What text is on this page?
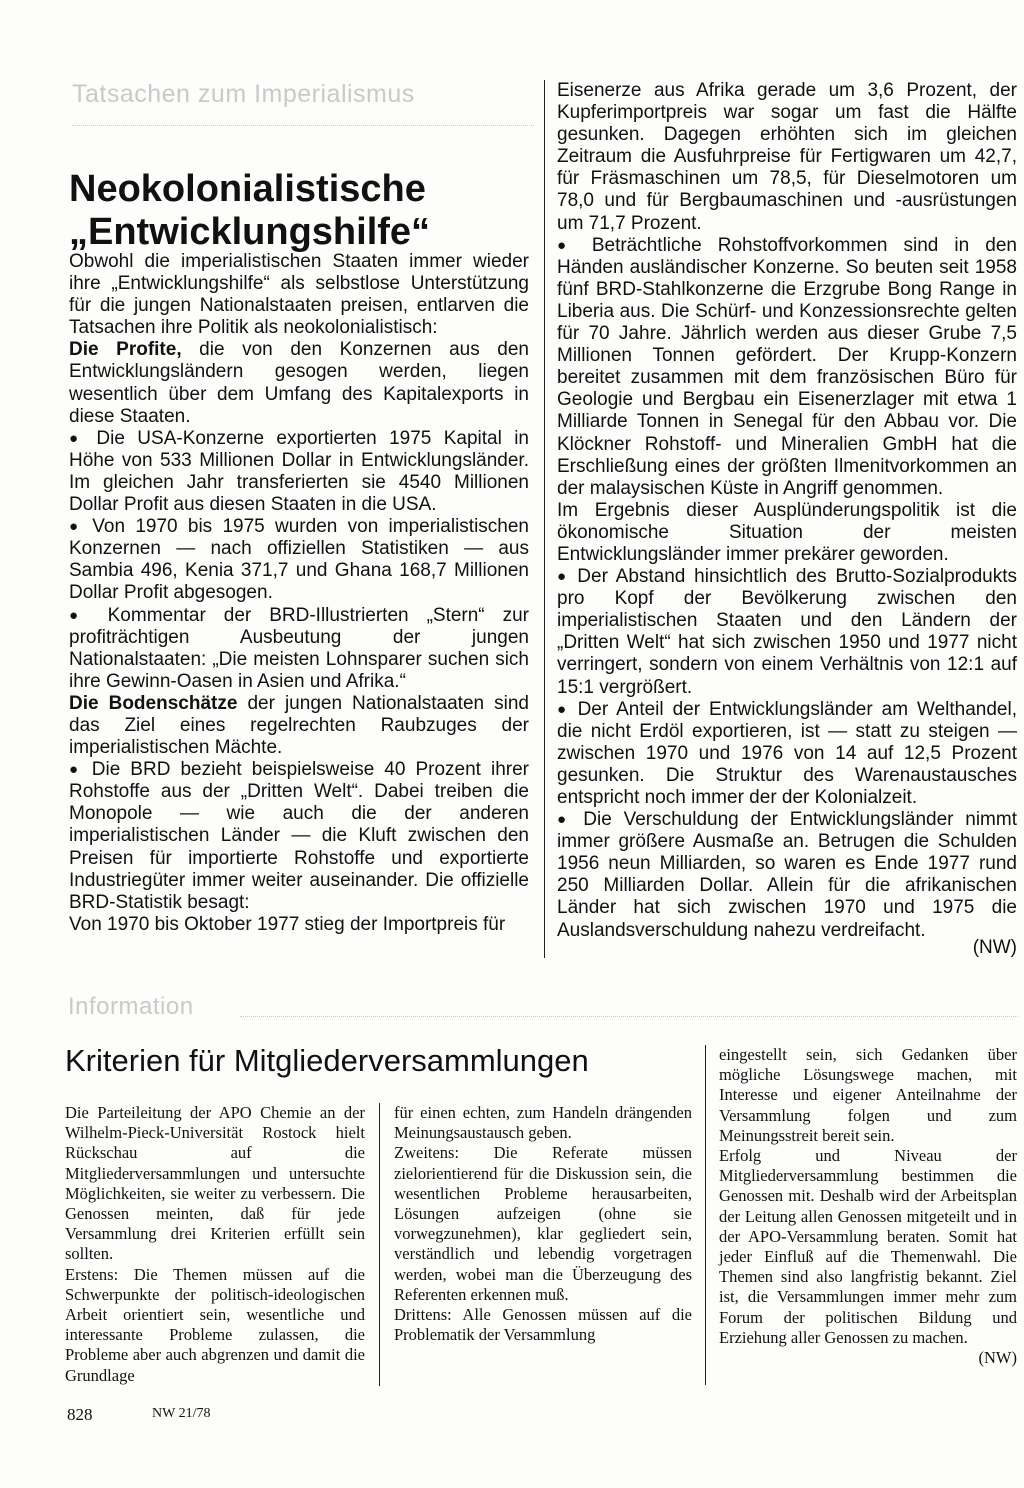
Tatsachen zum Imperialismus
Neokolonialistische
„Entwicklungshilfe“

Obwohl die imperialistischen Staaten immer wieder ihre „Entwicklungshilfe“ als selbstlose Unterstützung für die jungen Nationalstaaten preisen, entlarven die Tatsachen ihre Politik als neokolonialistisch:

Die Profite, die von den Konzernen aus den Entwicklungsländern gesogen werden, liegen wesentlich über dem Umfang des Kapitalexports in diese Staaten.

● Die USA-Konzerne exportierten 1975 Kapital in Höhe von 533 Millionen Dollar in Entwicklungsländer. Im gleichen Jahr transferierten sie 4540 Millionen Dollar Profit aus diesen Staaten in die USA.

● Von 1970 bis 1975 wurden von imperialistischen Konzernen — nach offiziellen Statistiken — aus Sambia 496, Kenia 371,7 und Ghana 168,7 Millionen Dollar Profit abgesogen.

● Kommentar der BRD-Illustrierten „Stern“ zur profiträchtigen Ausbeutung der jungen Nationalstaaten: „Die meisten Lohnsparer suchen sich ihre Gewinn-Oasen in Asien und Afrika.“

Die Bodenschätze der jungen Nationalstaaten sind das Ziel eines regelrechten Raubzuges der imperialistischen Mächte.

● Die BRD bezieht beispielsweise 40 Prozent ihrer Rohstoffe aus der „Dritten Welt“. Dabei treiben die Monopole — wie auch die der anderen imperialistischen Länder — die Kluft zwischen den Preisen für importierte Rohstoffe und exportierte Industriegüter immer weiter auseinander. Die offizielle BRD-Statistik besagt:

Von 1970 bis Oktober 1977 stieg der Importpreis für

Eisenerze aus Afrika gerade um 3,6 Prozent, der Kupferimportpreis war sogar um fast die Hälfte gesunken. Dagegen erhöhten sich im gleichen Zeitraum die Ausfuhrpreise für Fertigwaren um 42,7, für Fräsmaschinen um 78,5, für Dieselmotoren um 78,0 und für Bergbaumaschinen und -ausrüstungen um 71,7 Prozent.

● Beträchtliche Rohstoffvorkommen sind in den Händen ausländischer Konzerne. So beuten seit 1958 fünf BRD-Stahlkonzerne die Erzgrube Bong Range in Liberia aus. Die Schürf- und Konzessionsrechte gelten für 70 Jahre. Jährlich werden aus dieser Grube 7,5 Millionen Tonnen gefördert. Der Krupp-Konzern bereitet zusammen mit dem französischen Büro für Geologie und Bergbau ein Eisenerzlager mit etwa 1 Milliarde Tonnen in Senegal für den Abbau vor. Die Klöckner Rohstoff- und Mineralien GmbH hat die Erschließung eines der größten Ilmenitvorkommen an der malaysischen Küste in Angriff genommen.

Im Ergebnis dieser Ausplünderungspolitik ist die ökonomische Situation der meisten Entwicklungsländer immer prekärer geworden.

● Der Abstand hinsichtlich des Brutto-Sozialprodukts pro Kopf der Bevölkerung zwischen den imperialistischen Staaten und den Ländern der „Dritten Welt“ hat sich zwischen 1950 und 1977 nicht verringert, sondern von einem Verhältnis von 12:1 auf 15:1 vergrößert.

● Der Anteil der Entwicklungsländer am Welthandel, die nicht Erdöl exportieren, ist — statt zu steigen — zwischen 1970 und 1976 von 14 auf 12,5 Prozent gesunken. Die Struktur des Warenaustausches entspricht noch immer der der Kolonialzeit.

● Die Verschuldung der Entwicklungsländer nimmt immer größere Ausmaße an. Betrugen die Schulden 1956 neun Milliarden, so waren es Ende 1977 rund 250 Milliarden Dollar. Allein für die afrikanischen Länder hat sich zwischen 1970 und 1975 die Auslandsverschuldung nahezu verdreifacht.

(NW)
Information
Kriterien für Mitgliederversammlungen

Die Parteileitung der APO Chemie an der Wilhelm-Pieck-Universität Rostock hielt Rückschau auf die Mitgliederversammlungen und untersuchte Möglichkeiten, sie weiter zu verbessern. Die Genossen meinten, daß für jede Versammlung drei Kriterien erfüllt sein sollten.

Erstens: Die Themen müssen auf die Schwerpunkte der politisch-ideologischen Arbeit orientiert sein, wesentliche und interessante Probleme zulassen, die Probleme aber auch abgrenzen und damit die Grundlage

für einen echten, zum Handeln drängenden Meinungsaustausch geben.

Zweitens: Die Referate müssen zielorientierend für die Diskussion sein, die wesentlichen Probleme herausarbeiten, Lösungen aufzeigen (ohne sie vorwegzunehmen), klar gegliedert sein, verständlich und lebendig vorgetragen werden, wobei man die Überzeugung des Referenten erkennen muß.

Drittens: Alle Genossen müssen auf die Problematik der Versammlung

eingestellt sein, sich Gedanken über mögliche Lösungswege machen, mit Interesse und eigener Anteilnahme der Versammlung folgen und zum Meinungsstreit bereit sein.

Erfolg und Niveau der Mitgliederversammlung bestimmen die Genossen mit. Deshalb wird der Arbeitsplan der Leitung allen Genossen mitgeteilt und in der APO-Versammlung beraten. Somit hat jeder Einfluß auf die Themenwahl. Die Themen sind also langfristig bekannt. Ziel ist, die Versammlungen immer mehr zum Forum der politischen Bildung und Erziehung aller Genossen zu machen.

(NW)

828	NW 21/78
